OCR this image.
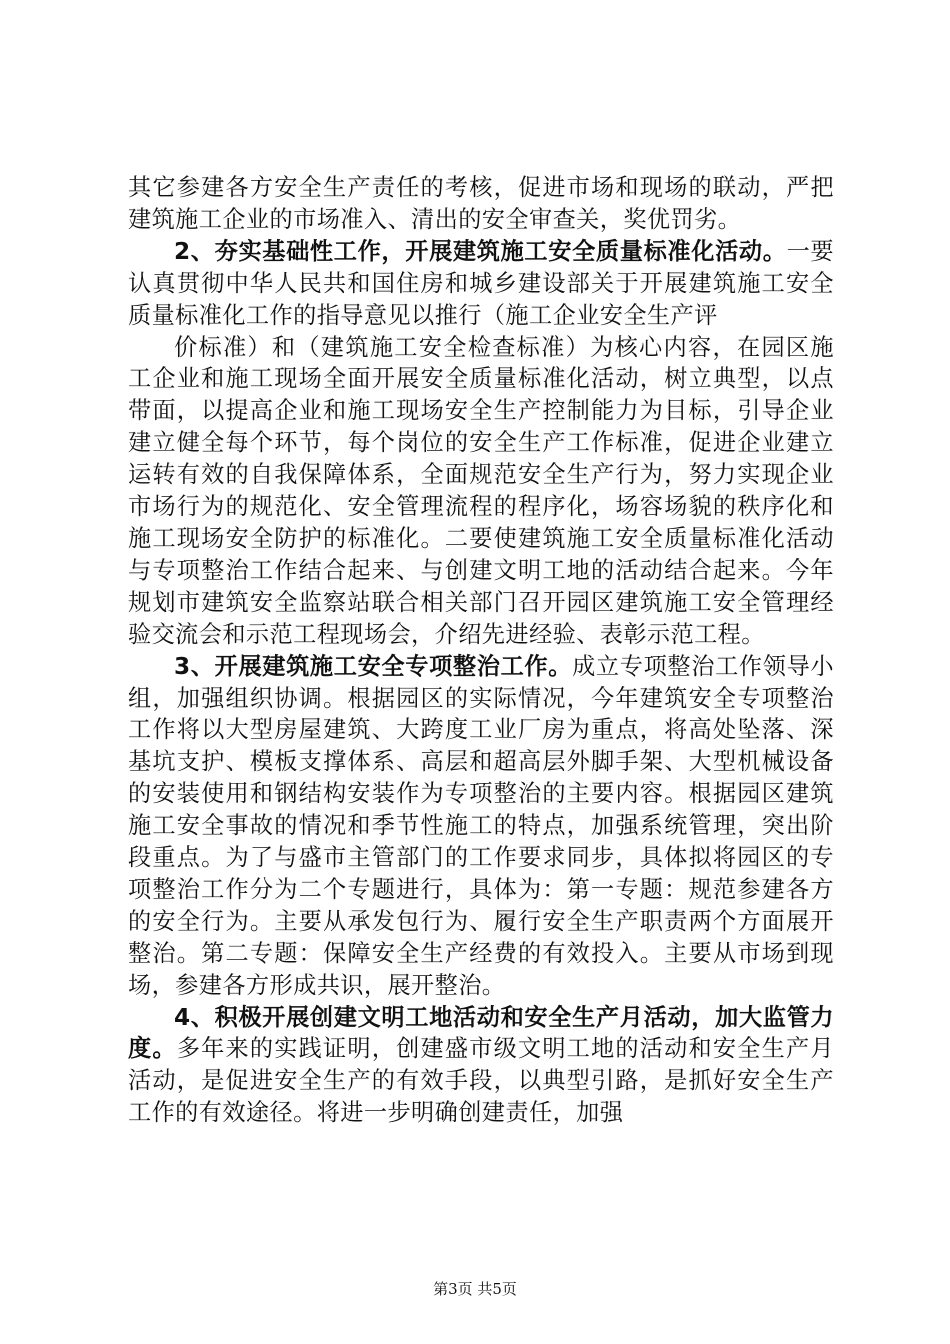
其它参建各方安全生产责任的考核，促进市场和现场的联动，严把建筑施工企业的市场准入、清出的安全审查关，奖优罚劣。

2、夯实基础性工作，开展建筑施工安全质量标准化活动。一要认真贯彻中华人民共和国住房和城乡建设部关于开展建筑施工安全质量标准化工作的指导意见以推行（施工企业安全生产评

价标准）和（建筑施工安全检查标准）为核心内容，在园区施工企业和施工现场全面开展安全质量标准化活动，树立典型，以点带面，以提高企业和施工现场安全生产控制能力为目标，引导企业建立健全每个环节，每个岗位的安全生产工作标准，促进企业建立运转有效的自我保障体系，全面规范安全生产行为，努力实现企业市场行为的规范化、安全管理流程的程序化，场容场貌的秩序化和施工现场安全防护的标准化。二要使建筑施工安全质量标准化活动与专项整治工作结合起来、与创建文明工地的活动结合起来。今年规划市建筑安全监察站联合相关部门召开园区建筑施工安全管理经验交流会和示范工程现场会，介绍先进经验、表彰示范工程。

3、开展建筑施工安全专项整治工作。成立专项整治工作领导小组，加强组织协调。根据园区的实际情况，今年建筑安全专项整治工作将以大型房屋建筑、大跨度工业厂房为重点，将高处坠落、深基坑支护、模板支撑体系、高层和超高层外脚手架、大型机械设备的安装使用和钢结构安装作为专项整治的主要内容。根据园区建筑施工安全事故的情况和季节性施工的特点，加强系统管理，突出阶段重点。为了与盛市主管部门的工作要求同步，具体拟将园区的专项整治工作分为二个专题进行，具体为：第一专题：规范参建各方的安全行为。主要从承发包行为、履行安全生产职责两个方面展开整治。第二专题：保障安全生产经费的有效投入。主要从市场到现场，参建各方形成共识，展开整治。

4、积极开展创建文明工地活动和安全生产月活动，加大监管力度。多年来的实践证明，创建盛市级文明工地的活动和安全生产月活动，是促进安全生产的有效手段，以典型引路，是抓好安全生产工作的有效途径。将进一步明确创建责任，加强

第3页 共5页
